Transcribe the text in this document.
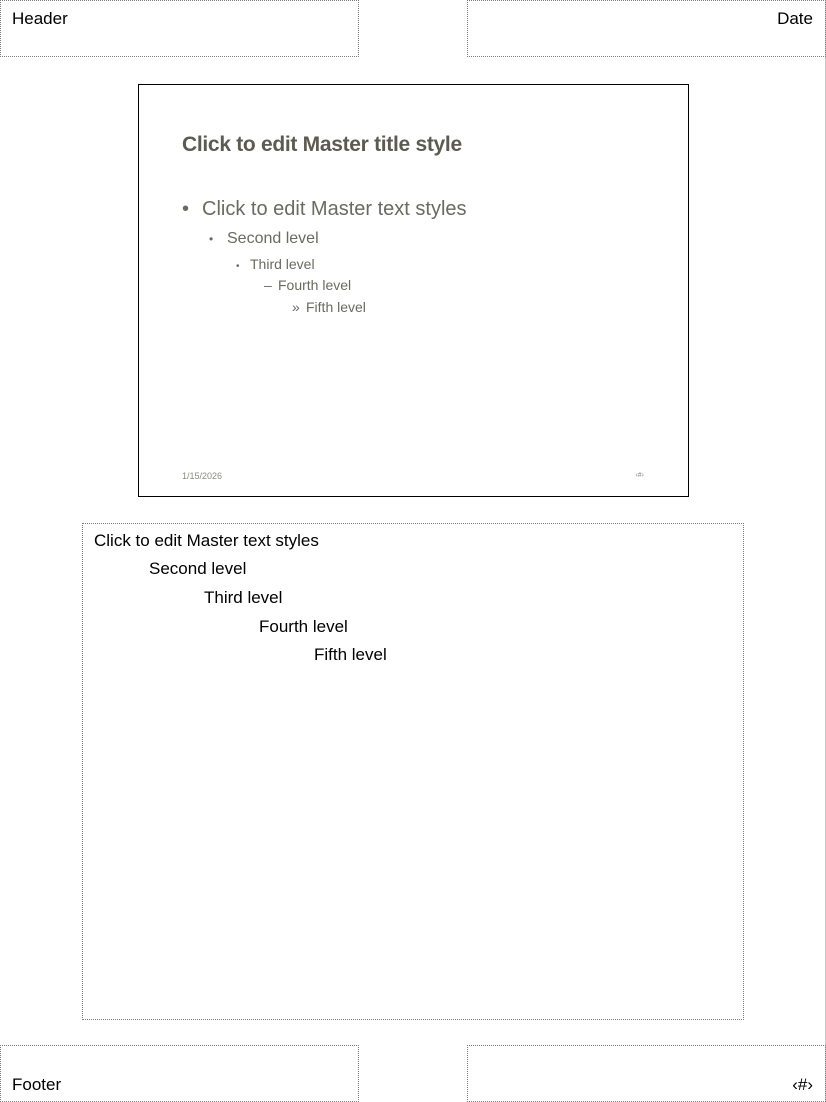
Header	Date
Click to edit Master title style
• Click to edit Master text styles
• Second level
• Third level
– Fourth level
» Fifth level
1/15/2026	‹#›
Click to edit Master text styles
Second level
Third level
Fourth level
Fifth level
Footer	‹#›
